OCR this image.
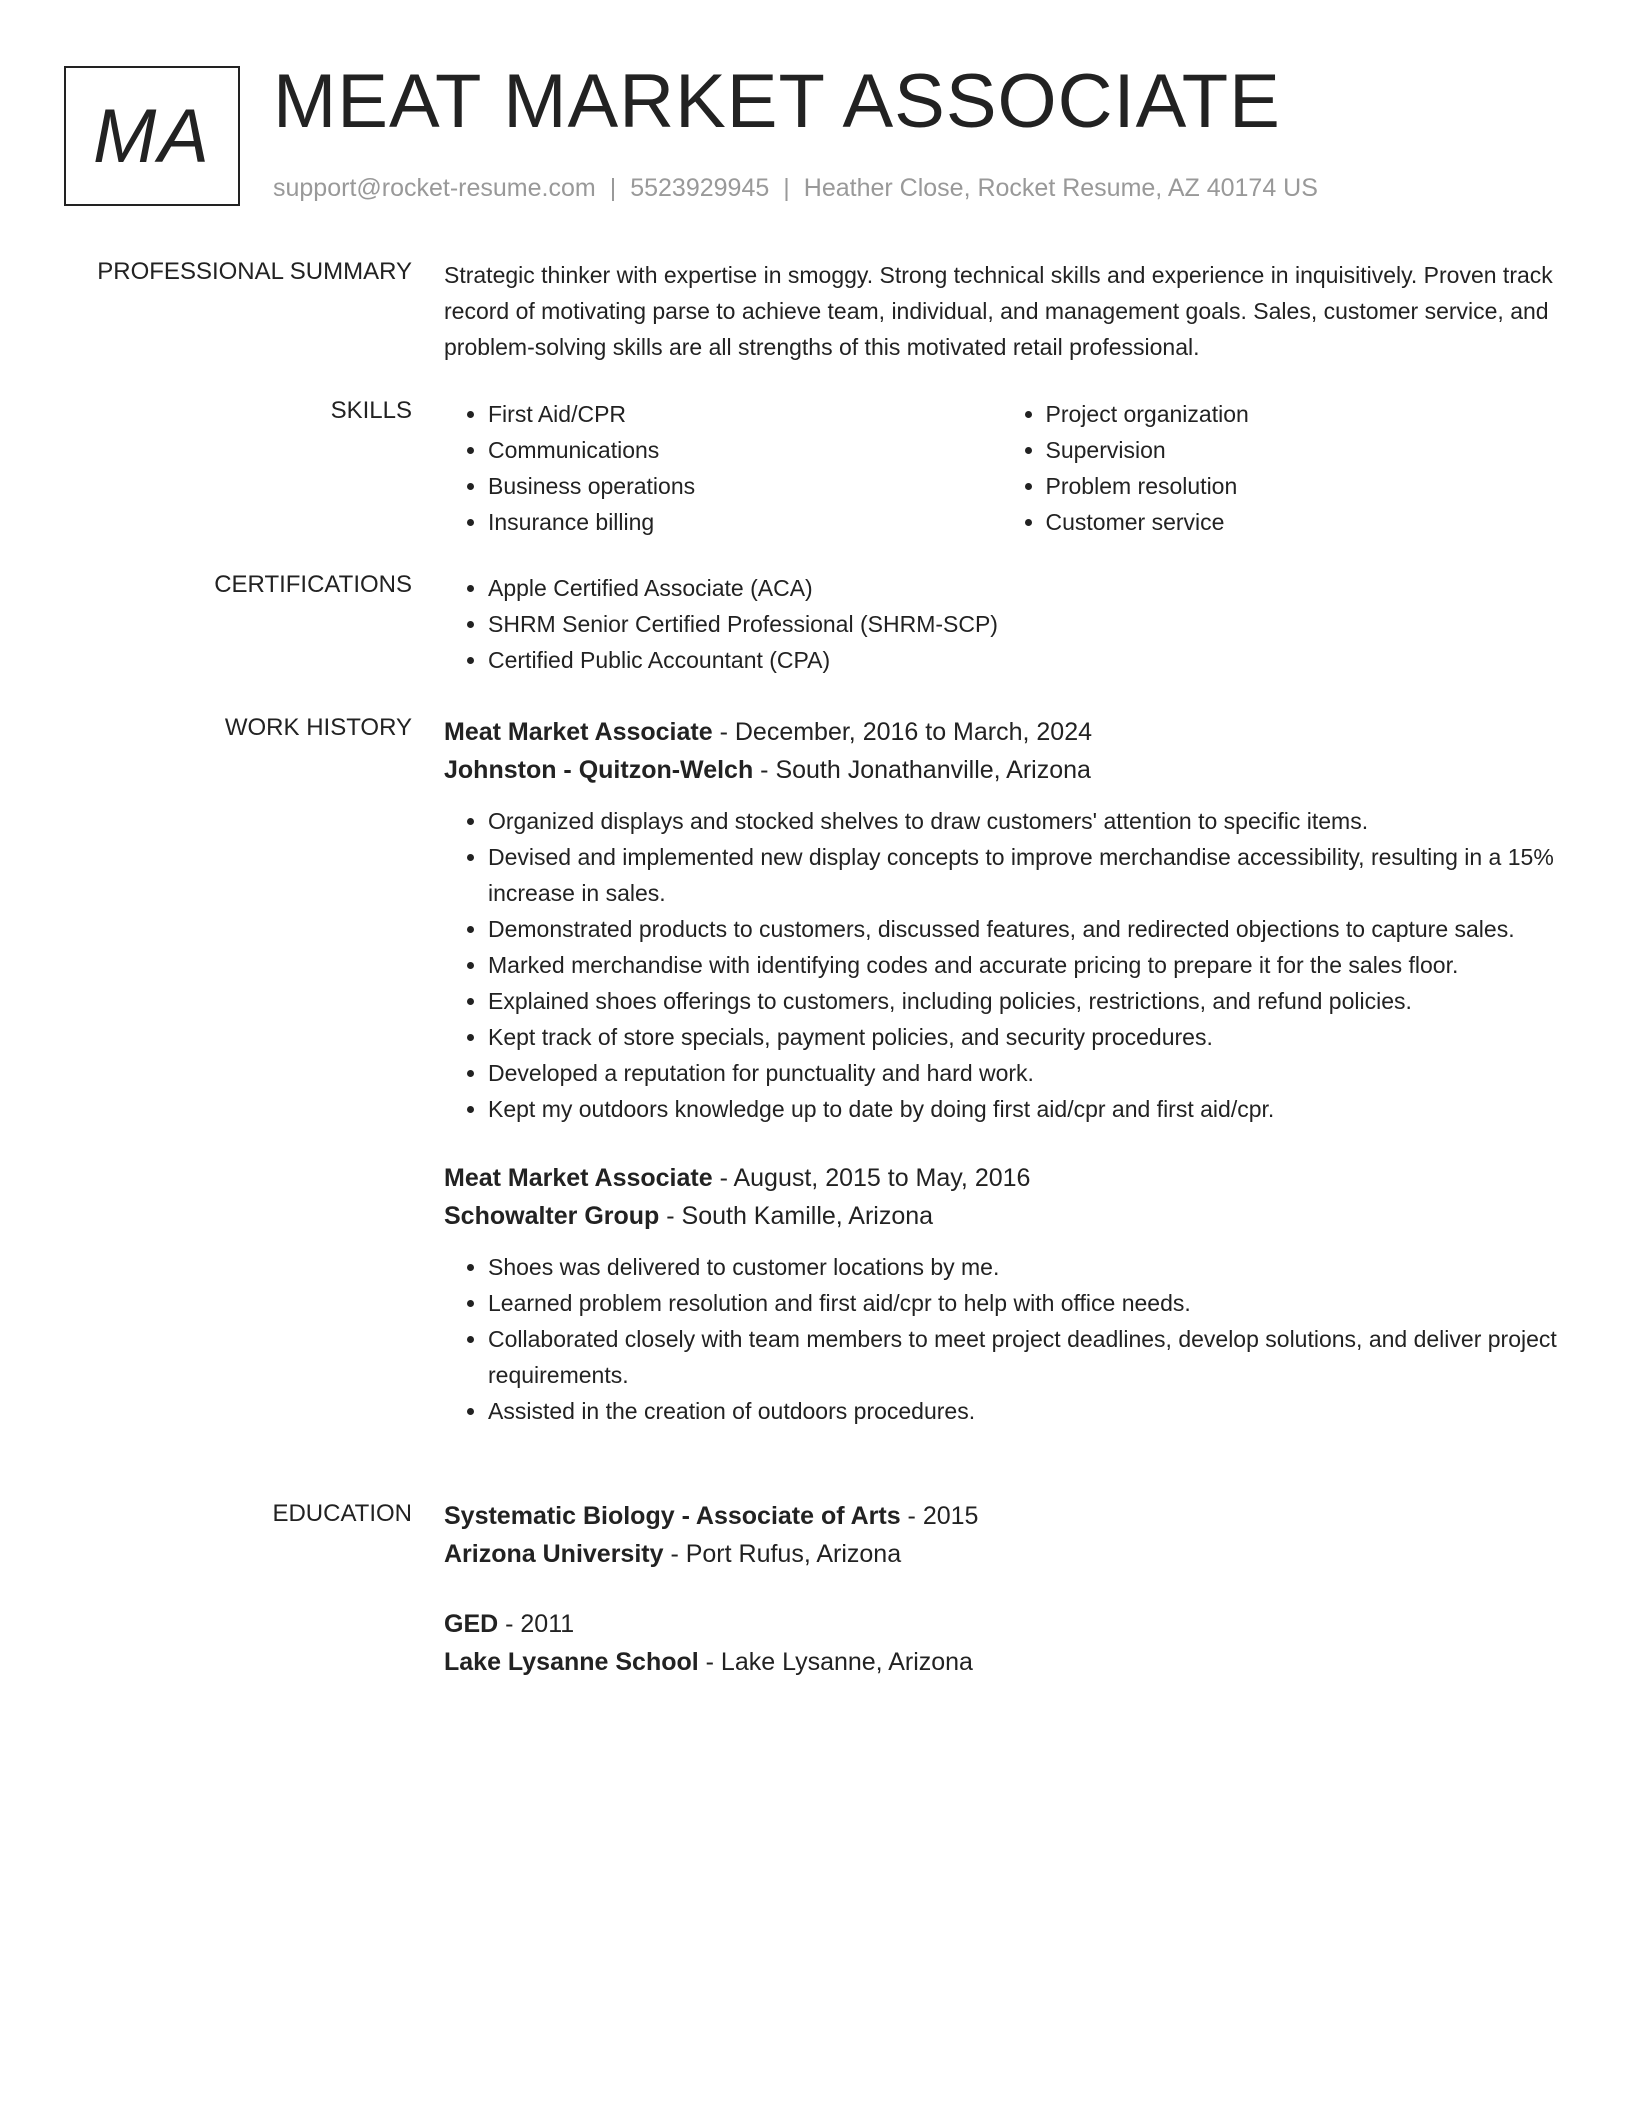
MA MEAT MARKET ASSOCIATE
support@rocket-resume.com | 5523929945 | Heather Close, Rocket Resume, AZ 40174 US
PROFESSIONAL SUMMARY Strategic thinker with expertise in smoggy. Strong technical skills and experience in inquisitively. Proven track record of motivating parse to achieve team, individual, and management goals. Sales, customer service, and problem-solving skills are all strengths of this motivated retail professional.

SKILLS	• First Aid/CPR
• Communications
• Business operations
• Insurance billing
• Project organization
• Supervision
• Problem resolution
• Customer service
CERTIFICATIONS	• Apple Certified Associate (ACA)
• SHRM Senior Certified Professional (SHRM-SCP)
• Certified Public Accountant (CPA)
WORK HISTORY Meat Market Associate - December, 2016 to March, 2024
Johnston - Quitzon-Welch - South Jonathanville, Arizona
• Organized displays and stocked shelves to draw customers' attention to specific items.
• Devised and implemented new display concepts to improve merchandise accessibility, resulting in a 15% increase in sales.
• Demonstrated products to customers, discussed features, and redirected objections to capture sales.
• Marked merchandise with identifying codes and accurate pricing to prepare it for the sales floor.
• Explained shoes offerings to customers, including policies, restrictions, and refund policies.
• Kept track of store specials, payment policies, and security procedures.
• Developed a reputation for punctuality and hard work.
• Kept my outdoors knowledge up to date by doing first aid/cpr and first aid/cpr.
Meat Market Associate - August, 2015 to May, 2016
Schowalter Group - South Kamille, Arizona
• Shoes was delivered to customer locations by me.
• Learned problem resolution and first aid/cpr to help with office needs.
• Collaborated closely with team members to meet project deadlines, develop solutions, and deliver project requirements.
• Assisted in the creation of outdoors procedures.
EDUCATION Systematic Biology - Associate of Arts - 2015
Arizona University - Port Rufus, Arizona
GED - 2011
Lake Lysanne School - Lake Lysanne, Arizona
